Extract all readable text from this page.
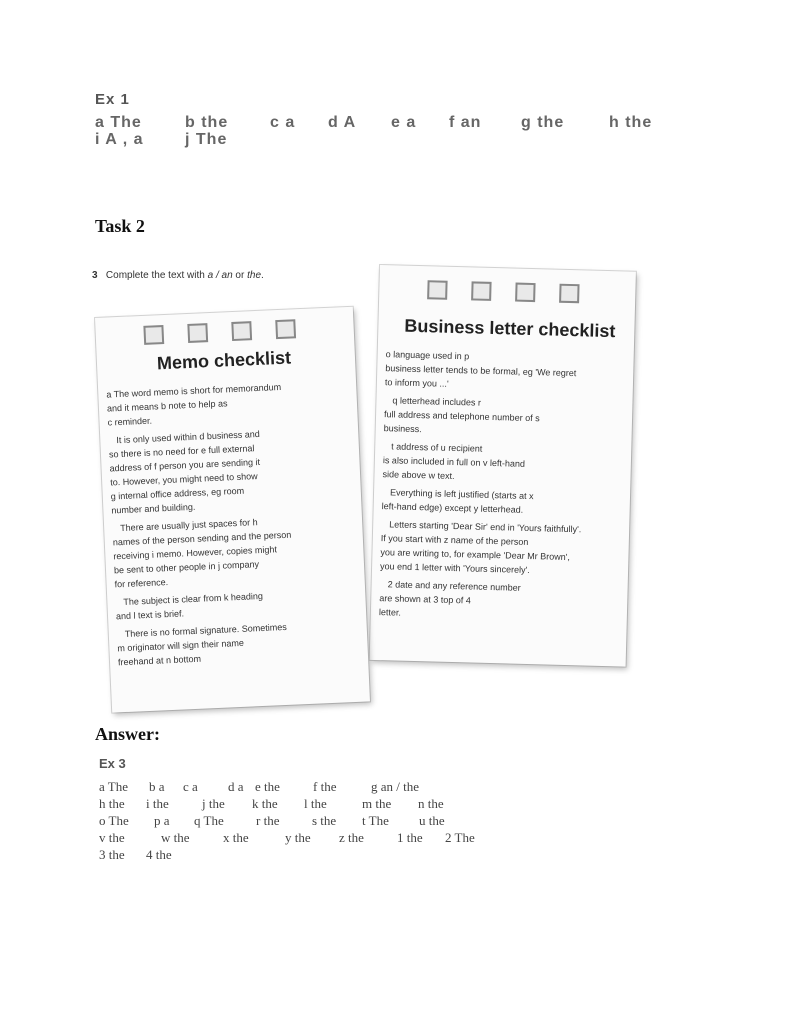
Ex 1
a The	b the	c a	d A	e a	f an	g the	h the
i A , a	j The
Task 2
3 Complete the text with a / an or the.
Business letter checklist
o language used in p
business letter tends to be formal, eg 'We regret
to inform you ...'
q letterhead includes r
full address and telephone number of s
business.
t address of u recipient
is also included in full on v left-hand
side above w text.
Everything is left justified (starts at x
left-hand edge) except y letterhead.
Letters starting 'Dear Sir' end in 'Yours faithfully'.
If you start with z name of the person
you are writing to, for example 'Dear Mr Brown',
you end 1 letter with 'Yours sincerely'.
2 date and any reference number
are shown at 3 top of 4
letter.
Memo checklist
a The word memo is short for memorandum
and it means b note to help as
c reminder.
It is only used within d business and
so there is no need for e full external
address of f person you are sending it
to. However, you might need to show
g internal office address, eg room
number and building.
There are usually just spaces for h
names of the person sending and the person
receiving i memo. However, copies might
be sent to other people in j company
for reference.
The subject is clear from k heading
and l text is brief.
There is no formal signature. Sometimes
m originator will sign their name
freehand at n bottom
Answer:
Ex 3
a The	b a	c a	d a e the	f the	g an / the
h the	i the	j the	k the	l the	m the	n the
o The	p a	q The	r the	s the	t The	u the
v the	w the	x the	y the	z the	1 the	2 The
3 the	4 the
